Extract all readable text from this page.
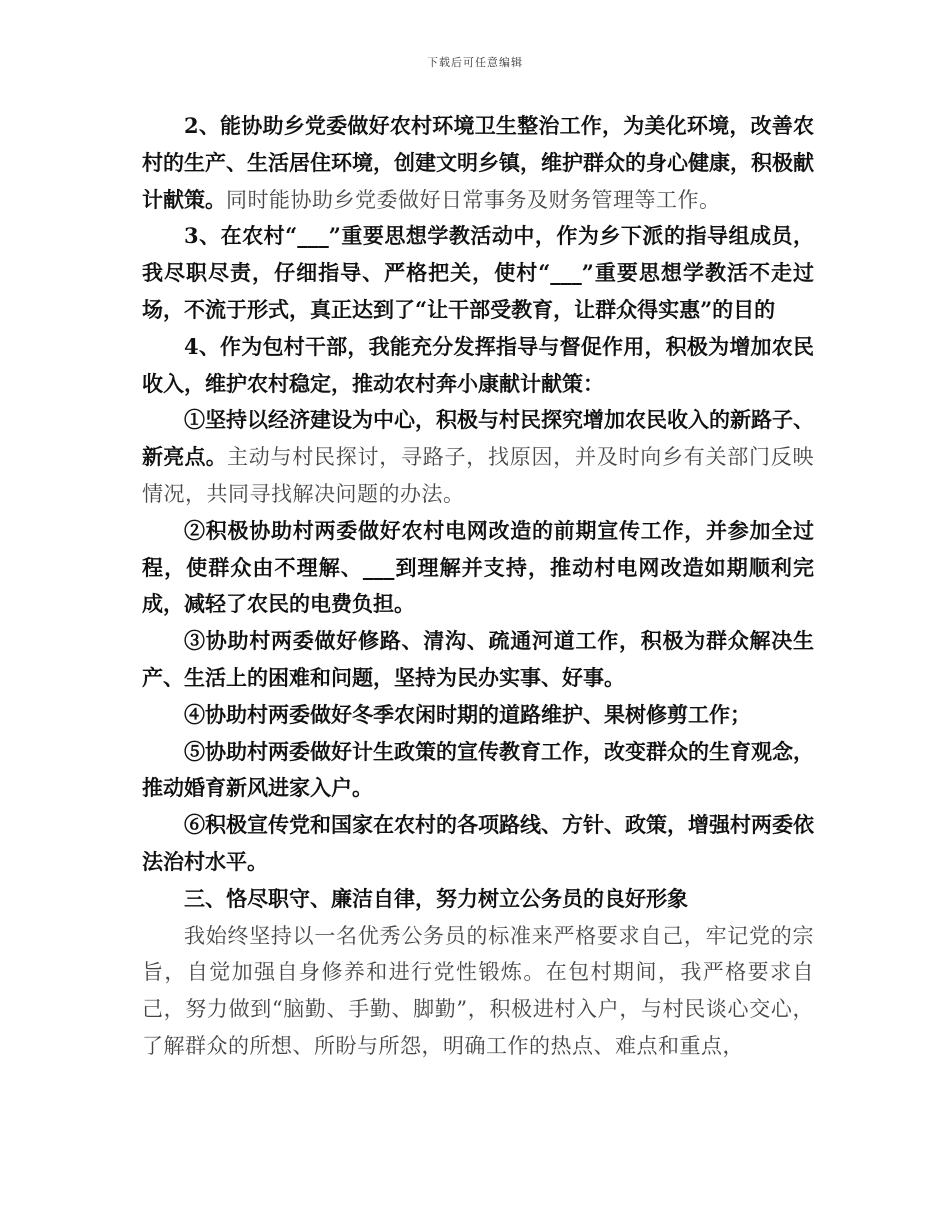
下载后可任意编辑

2、能协助乡党委做好农村环境卫生整治工作，为美化环境，改善农村的生产、生活居住环境，创建文明乡镇，维护群众的身心健康，积极献计献策。同时能协助乡党委做好日常事务及财务管理等工作。

3、在农村“___”重要思想学教活动中，作为乡下派的指导组成员，我尽职尽责，仔细指导、严格把关，使村“___”重要思想学教活不走过场，不流于形式，真正达到了“让干部受教育，让群众得实惠”的目的

4、作为包村干部，我能充分发挥指导与督促作用，积极为增加农民收入，维护农村稳定，推动农村奔小康献计献策：

①坚持以经济建设为中心，积极与村民探究增加农民收入的新路子、新亮点。主动与村民探讨，寻路子，找原因，并及时向乡有关部门反映情况，共同寻找解决问题的办法。

②积极协助村两委做好农村电网改造的前期宣传工作，并参加全过程，使群众由不理解、___到理解并支持，推动村电网改造如期顺利完成，减轻了农民的电费负担。

③协助村两委做好修路、清沟、疏通河道工作，积极为群众解决生产、生活上的困难和问题，坚持为民办实事、好事。

④协助村两委做好冬季农闲时期的道路维护、果树修剪工作；

⑤协助村两委做好计生政策的宣传教育工作，改变群众的生育观念，推动婚育新风进家入户。

⑥积极宣传党和国家在农村的各项路线、方针、政策，增强村两委依法治村水平。

三、恪尽职守、廉洁自律，努力树立公务员的良好形象

我始终坚持以一名优秀公务员的标准来严格要求自己，牢记党的宗旨，自觉加强自身修养和进行党性锻炼。在包村期间，我严格要求自己，努力做到“脑勤、手勤、脚勤”，积极进村入户，与村民谈心交心，了解群众的所想、所盼与所怨，明确工作的热点、难点和重点，
